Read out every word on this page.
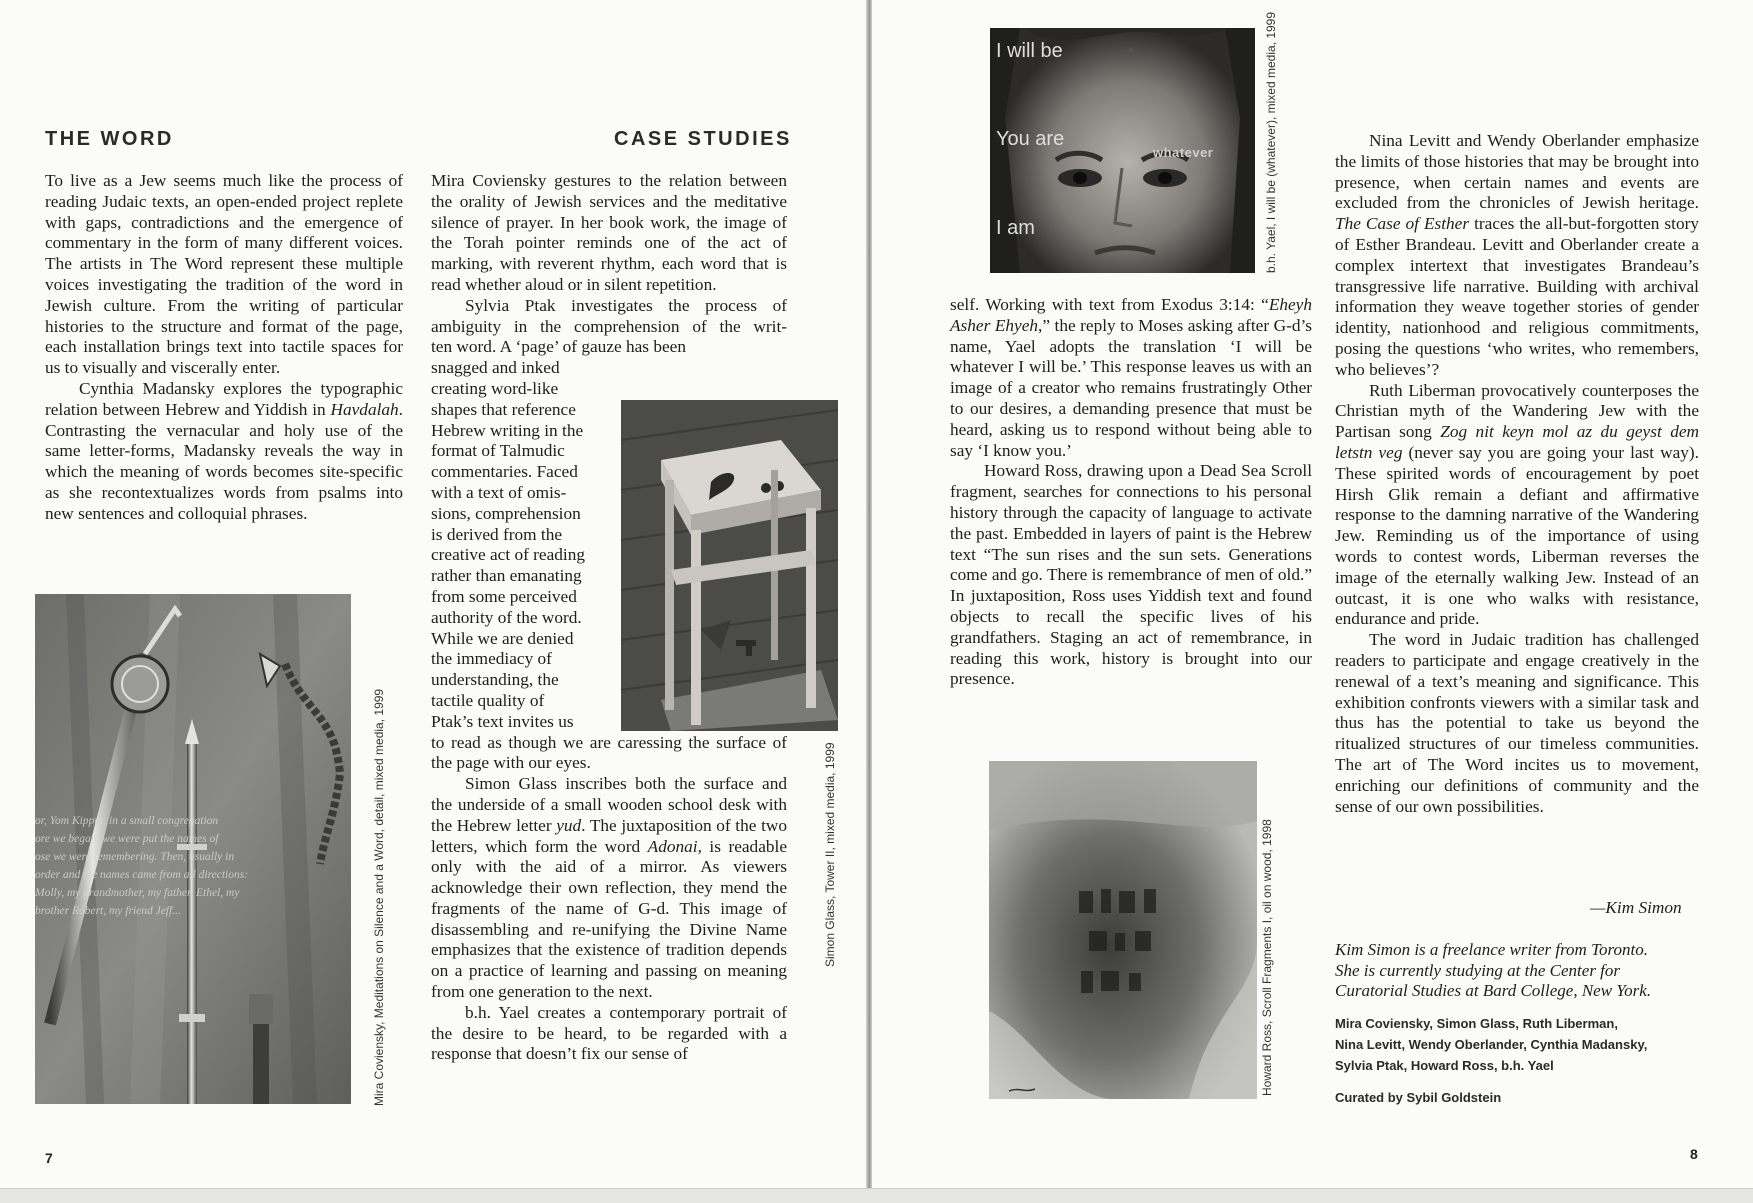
THE WORD	CASE STUDIES

To live as a Jew seems much like the process of reading Judaic texts, an open-ended project replete with gaps, contradictions and the emergence of commentary in the form of many different voices. The artists in The Word represent these multiple voices investigating the tradition of the word in Jewish culture. From the writing of particular histories to the structure and format of the page, each installation brings text into tactile spaces for us to visually and viscerally enter.

Cynthia Madansky explores the typographic relation between Hebrew and Yiddish in Havdalah. Contrasting the vernacular and holy use of the same letter-forms, Madansky reveals the way in which the meaning of words becomes site-specific as she recontextualizes words from psalms into new sentences and colloquial phrases.

or, Yom Kippur, in a small congregation
ore we began, we were put the names of
ose we were remembering. Then, usually in
order and the names came from all directions:
Molly, my grandmother, my father, Ethel, my
brother Robert, my friend Jeff...	Mira Coviensky, Meditations on Silence and a Word, detail, mixed media, 1999

Mira Coviensky gestures to the relation between the orality of Jewish services and the meditative silence of prayer. In her book work, the image of the Torah pointer reminds one of the act of marking, with reverent rhythm, each word that is read whether aloud or in silent repetition.

Sylvia Ptak investigates the process of ambiguity in the comprehension of the writ-
ten word. A ‘page’ of gauze has been
snagged and inked
creating word-like
shapes that reference
Hebrew writing in the
format of Talmudic
commentaries. Faced
with a text of omis-
sions, comprehension
is derived from the
creative act of reading
rather than emanating
from some perceived
authority of the word.
While we are denied
the immediacy of
understanding, the
tactile quality of
Ptak’s text invites us

to read as though we are caressing the surface of the page with our eyes.

Simon Glass inscribes both the surface and the underside of a small wooden school desk with the Hebrew letter yud. The juxtaposition of the two letters, which form the word Adonai, is readable only with the aid of a mirror. As viewers acknowledge their own reflection, they mend the fragments of the name of G-d. This image of disassembling and re-unifying the Divine Name emphasizes that the existence of tradition depends on a practice of learning and passing on meaning from one generation to the next.

b.h. Yael creates a contemporary portrait of the desire to be heard, to be regarded with a response that doesn’t fix our sense of

Simon Glass, Tower II, mixed media, 1999
7
I will be
You are
whatever
I am	b.h. Yael, I will be (whatever), mixed media, 1999

self. Working with text from Exodus 3:14: “Eheyh Asher Ehyeh,” the reply to Moses asking after G-d’s name, Yael adopts the translation ‘I will be whatever I will be.’ This response leaves us with an image of a creator who remains frustratingly Other to our desires, a demanding presence that must be heard, asking us to respond without being able to say ‘I know you.’

Howard Ross, drawing upon a Dead Sea Scroll fragment, searches for connections to his personal history through the capacity of language to activate the past. Embedded in layers of paint is the Hebrew text “The sun rises and the sun sets. Generations come and go. There is remembrance of men of old.” In juxtaposition, Ross uses Yiddish text and found objects to recall the specific lives of his grandfathers. Staging an act of remembrance, in reading this work, history is brought into our presence.

Howard Ross, Scroll Fragments I, oil on wood, 1998

Nina Levitt and Wendy Oberlander emphasize the limits of those histories that may be brought into presence, when certain names and events are excluded from the chronicles of Jewish heritage. The Case of Esther traces the all-but-forgotten story of Esther Brandeau. Levitt and Oberlander create a complex intertext that investigates Brandeau’s transgressive life narrative. Building with archival information they weave together stories of gender identity, nationhood and religious commitments, posing the questions ‘who writes, who remembers, who believes’?

Ruth Liberman provocatively counterposes the Christian myth of the Wandering Jew with the Partisan song Zog nit keyn mol az du geyst dem letstn veg (never say you are going your last way). These spirited words of encouragement by poet Hirsh Glik remain a defiant and affirmative response to the damning narrative of the Wandering Jew. Reminding us of the importance of using words to contest words, Liberman reverses the image of the eternally walking Jew. Instead of an outcast, it is one who walks with resistance, endurance and pride.

The word in Judaic tradition has challenged readers to participate and engage creatively in the renewal of a text’s meaning and significance. This exhibition confronts viewers with a similar task and thus has the potential to take us beyond the ritualized structures of our timeless communities. The art of The Word incites us to movement, enriching our definitions of community and the sense of our own possibilities.

—Kim Simon
Kim Simon is a freelance writer from Toronto.
She is currently studying at the Center for
Curatorial Studies at Bard College, New York.
Mira Coviensky, Simon Glass, Ruth Liberman,
Nina Levitt, Wendy Oberlander, Cynthia Madansky,
Sylvia Ptak, Howard Ross, b.h. Yael
Curated by Sybil Goldstein
8
